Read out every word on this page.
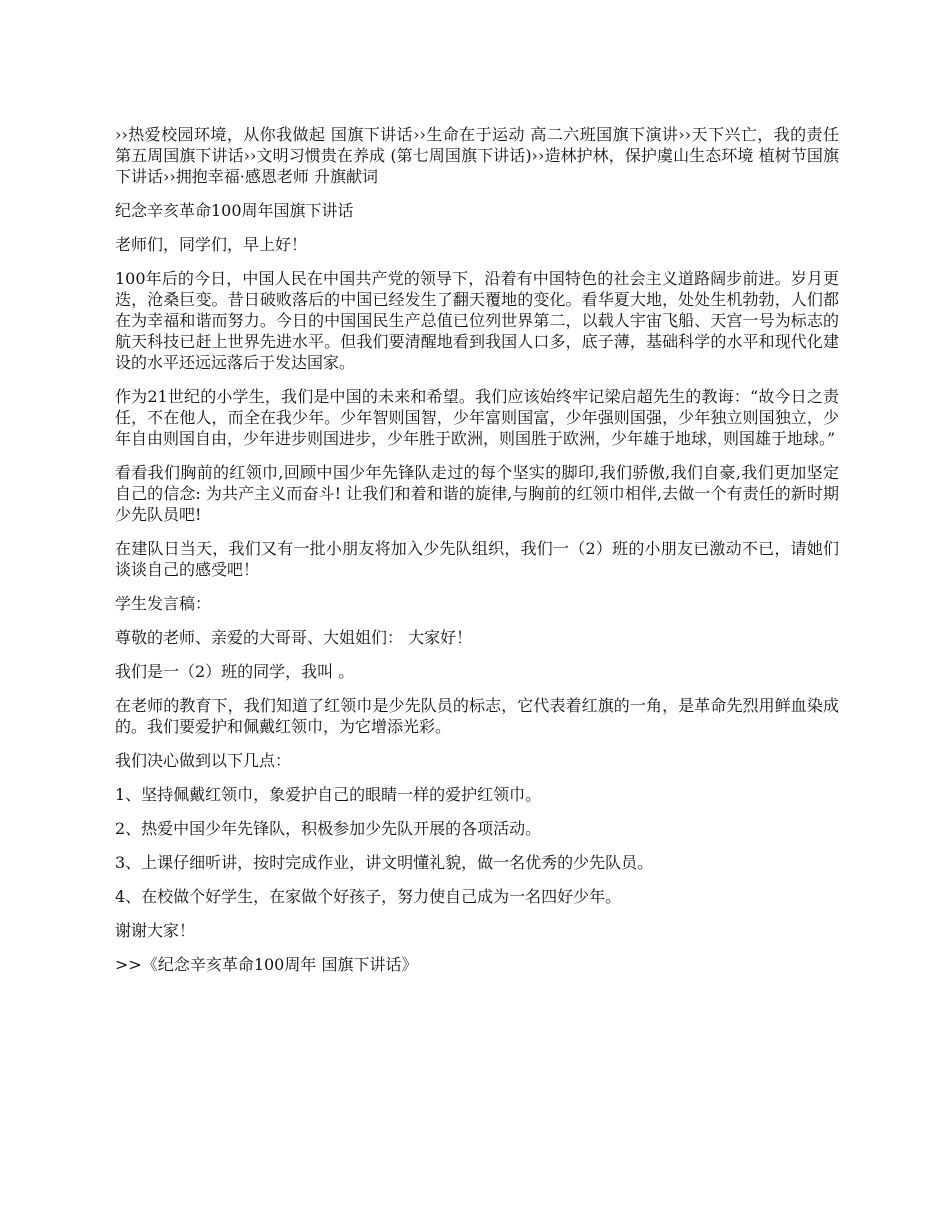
››热爱校园环境，从你我做起 国旗下讲话››生命在于运动 高二六班国旗下演讲››天下兴亡，我的责任 第五周国旗下讲话››文明习惯贵在养成 (第七周国旗下讲话)››造林护林，保护虞山生态环境 植树节国旗下讲话››拥抱幸福·感恩老师 升旗献词

纪念辛亥革命100周年国旗下讲话

老师们，同学们，早上好！

100年后的今日，中国人民在中国共产党的领导下，沿着有中国特色的社会主义道路阔步前进。岁月更迭，沧桑巨变。昔日破败落后的中国已经发生了翻天覆地的变化。看华夏大地，处处生机勃勃，人们都在为幸福和谐而努力。今日的中国国民生产总值已位列世界第二，以载人宇宙飞船、天宫一号为标志的航天科技已赶上世界先进水平。但我们要清醒地看到我国人口多，底子薄，基础科学的水平和现代化建设的水平还远远落后于发达国家。

作为21世纪的小学生，我们是中国的未来和希望。我们应该始终牢记梁启超先生的教诲：“故今日之责任，不在他人，而全在我少年。少年智则国智，少年富则国富，少年强则国强，少年独立则国独立，少年自由则国自由，少年进步则国进步，少年胜于欧洲，则国胜于欧洲，少年雄于地球，则国雄于地球。”

看看我们胸前的红领巾,回顾中国少年先锋队走过的每个坚实的脚印,我们骄傲,我们自豪,我们更加坚定自己的信念: 为共产主义而奋斗! 让我们和着和谐的旋律,与胸前的红领巾相伴,去做一个有责任的新时期少先队员吧!

在建队日当天，我们又有一批小朋友将加入少先队组织，我们一（2）班的小朋友已激动不已，请她们谈谈自己的感受吧！

学生发言稿：

尊敬的老师、亲爱的大哥哥、大姐姐们： 大家好！

我们是一（2）班的同学，我叫 。

在老师的教育下，我们知道了红领巾是少先队员的标志，它代表着红旗的一角，是革命先烈用鲜血染成的。我们要爱护和佩戴红领巾，为它增添光彩。

我们决心做到以下几点：

1、坚持佩戴红领巾，象爱护自己的眼睛一样的爱护红领巾。

2、热爱中国少年先锋队，积极参加少先队开展的各项活动。

3、上课仔细听讲，按时完成作业，讲文明懂礼貌，做一名优秀的少先队员。

4、在校做个好学生，在家做个好孩子，努力使自己成为一名四好少年。

谢谢大家！

>>《纪念辛亥革命100周年 国旗下讲话》
